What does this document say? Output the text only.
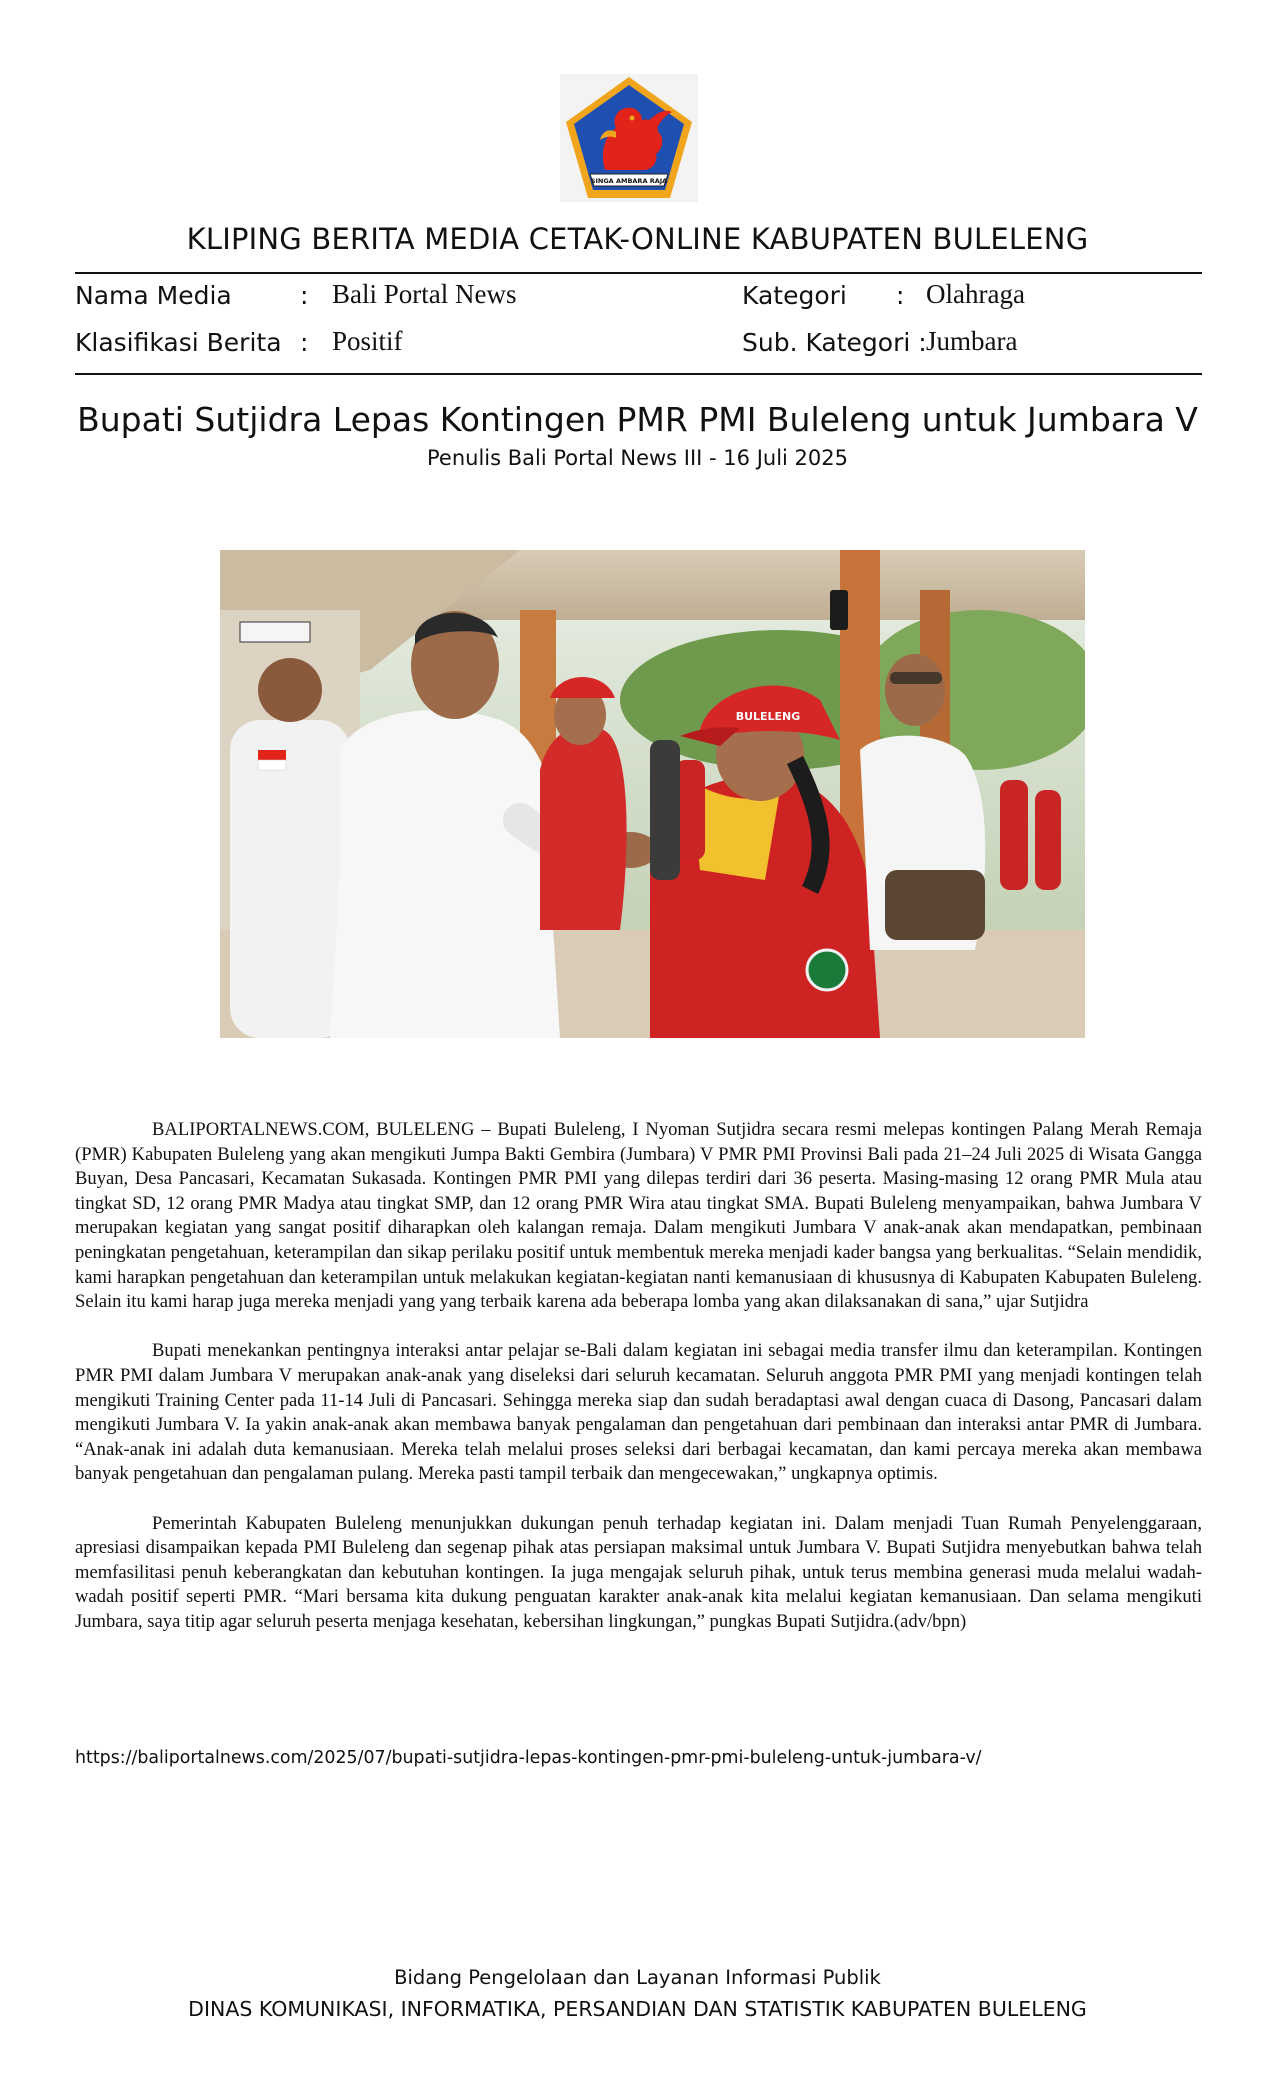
SINGA AMBARA RAJA
KLIPING BERITA MEDIA CETAK-ONLINE KABUPATEN BULELENG
Nama Media	: Bali Portal News	Kategori : Olahraga
Klasifikasi Berita : Positif	Sub. Kategori : Jumbara
Bupati Sutjidra Lepas Kontingen PMR PMI Buleleng untuk Jumbara V
Penulis Bali Portal News III - 16 Juli 2025
BULELENG

BALIPORTALNEWS.COM, BULELENG – Bupati Buleleng, I Nyoman Sutjidra secara resmi melepas kontingen Palang Merah Remaja (PMR) Kabupaten Buleleng yang akan mengikuti Jumpa Bakti Gembira (Jumbara) V PMR PMI Provinsi Bali pada 21–24 Juli 2025 di Wisata Gangga Buyan, Desa Pancasari, Kecamatan Sukasada. Kontingen PMR PMI yang dilepas terdiri dari 36 peserta. Masing-masing 12 orang PMR Mula atau tingkat SD, 12 orang PMR Madya atau tingkat SMP, dan 12 orang PMR Wira atau tingkat SMA. Bupati Buleleng menyampaikan, bahwa Jumbara V merupakan kegiatan yang sangat positif diharapkan oleh kalangan remaja. Dalam mengikuti Jumbara V anak-anak akan mendapatkan, pembinaan peningkatan pengetahuan, keterampilan dan sikap perilaku positif untuk membentuk mereka menjadi kader bangsa yang berkualitas. “Selain mendidik, kami harapkan pengetahuan dan keterampilan untuk melakukan kegiatan-kegiatan nanti kemanusiaan di khususnya di Kabupaten Kabupaten Buleleng. Selain itu kami harap juga mereka menjadi yang yang terbaik karena ada beberapa lomba yang akan dilaksanakan di sana,” ujar Sutjidra

Bupati menekankan pentingnya interaksi antar pelajar se-Bali dalam kegiatan ini sebagai media transfer ilmu dan keterampilan. Kontingen PMR PMI dalam Jumbara V merupakan anak-anak yang diseleksi dari seluruh kecamatan. Seluruh anggota PMR PMI yang menjadi kontingen telah mengikuti Training Center pada 11-14 Juli di Pancasari. Sehingga mereka siap dan sudah beradaptasi awal dengan cuaca di Dasong, Pancasari dalam mengikuti Jumbara V. Ia yakin anak-anak akan membawa banyak pengalaman dan pengetahuan dari pembinaan dan interaksi antar PMR di Jumbara. “Anak-anak ini adalah duta kemanusiaan. Mereka telah melalui proses seleksi dari berbagai kecamatan, dan kami percaya mereka akan membawa banyak pengetahuan dan pengalaman pulang. Mereka pasti tampil terbaik dan mengecewakan,” ungkapnya optimis.

Pemerintah Kabupaten Buleleng menunjukkan dukungan penuh terhadap kegiatan ini. Dalam menjadi Tuan Rumah Penyelenggaraan, apresiasi disampaikan kepada PMI Buleleng dan segenap pihak atas persiapan maksimal untuk Jumbara V. Bupati Sutjidra menyebutkan bahwa telah memfasilitasi penuh keberangkatan dan kebutuhan kontingen. Ia juga mengajak seluruh pihak, untuk terus membina generasi muda melalui wadah-wadah positif seperti PMR. “Mari bersama kita dukung penguatan karakter anak-anak kita melalui kegiatan kemanusiaan. Dan selama mengikuti Jumbara, saya titip agar seluruh peserta menjaga kesehatan, kebersihan lingkungan,” pungkas Bupati Sutjidra.(adv/bpn)

https://baliportalnews.com/2025/07/bupati-sutjidra-lepas-kontingen-pmr-pmi-buleleng-untuk-jumbara-v/
Bidang Pengelolaan dan Layanan Informasi Publik
DINAS KOMUNIKASI, INFORMATIKA, PERSANDIAN DAN STATISTIK KABUPATEN BULELENG
